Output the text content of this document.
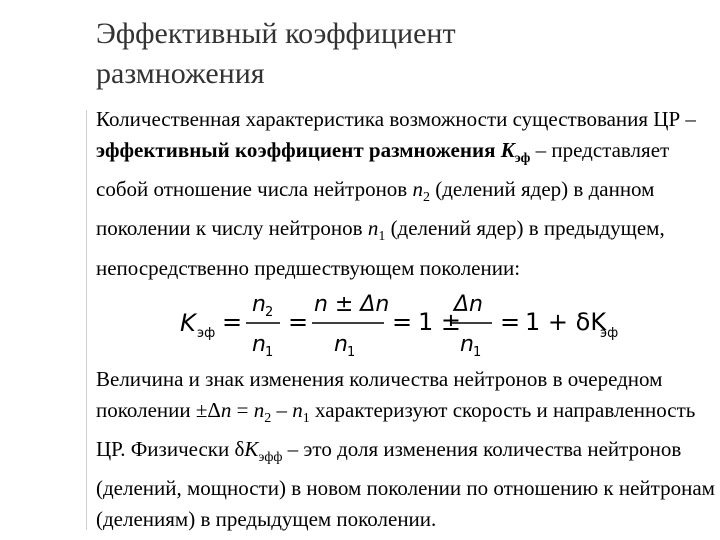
Эффективный коэффициент
размножения
Количественная характеристика возможности существования ЦР – эффективный коэффициент размножения $K_{эф}$ – представляет собой отношение числа нейтронов $n_2$ (делений ядер) в данном поколении к числу нейтронов $n_1$ (делений ядер) в предыдущем, непосредственно предшествующем поколении:
K эф =
n 2
n 1
=
n ± Δn
n 1
= 1 ±
Δn
n 1
= 1 + δK
эф
Величина и знак изменения количества нейтронов в очередном поколении $\pm\Delta n = n_2 - n_1$ характеризуют скорость и направленность ЦР. Физически $\delta K_{эфф}$ – это доля изменения количества нейтронов (делений, мощности) в новом поколении по отношению к нейтронам (делениям) в предыдущем поколении.
